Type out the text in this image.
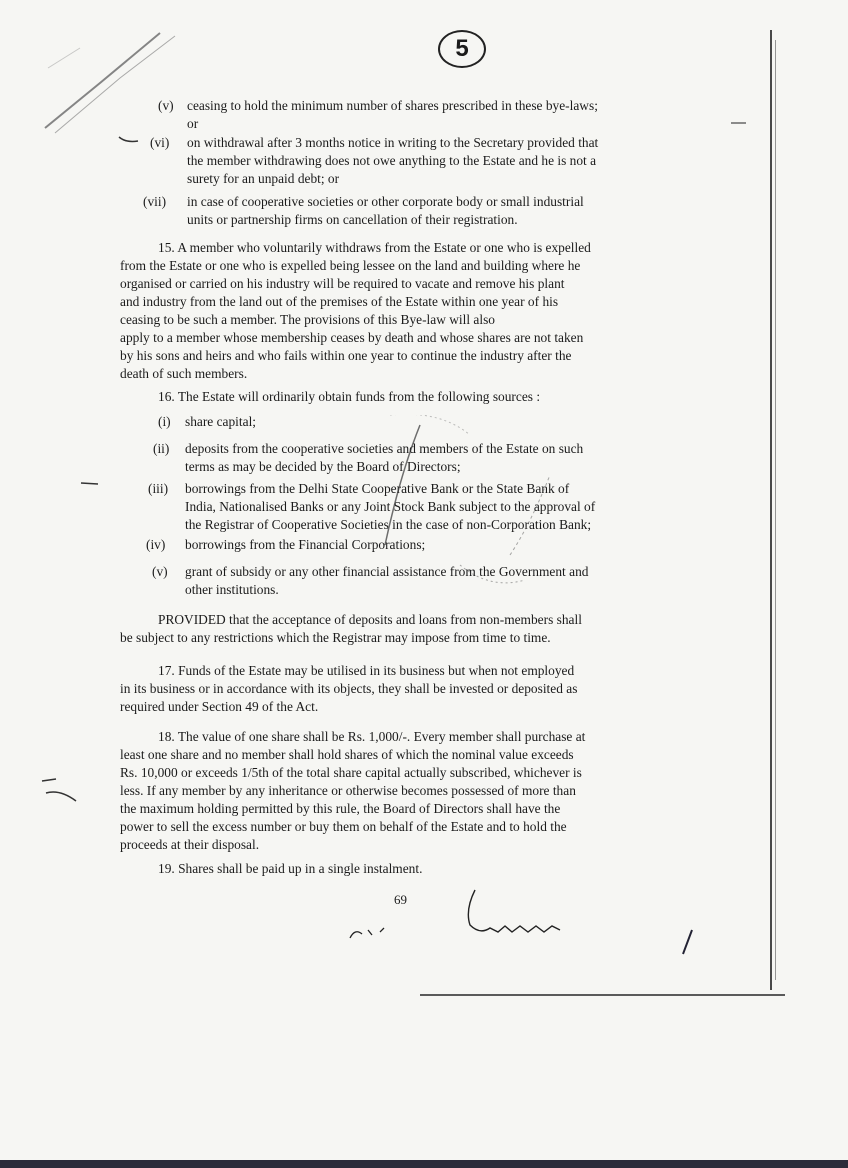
5
(v) ceasing to hold the minimum number of shares prescribed in these bye-laws;
or
(vi) on withdrawal after 3 months notice in writing to the Secretary provided that
the member withdrawing does not owe anything to the Estate and he is not a
surety for an unpaid debt; or
(vii) in case of cooperative societies or other corporate body or small industrial
units or partnership firms on cancellation of their registration.
15. A member who voluntarily withdraws from the Estate or one who is expelled
from the Estate or one who is expelled being lessee on the land and building where he
organised or carried on his industry will be required to vacate and remove his plant
and industry from the land out of the premises of the Estate within one year of his
ceasing to be such a member. The provisions of this Bye-law will also
apply to a member whose membership ceases by death and whose shares are not taken
by his sons and heirs and who fails within one year to continue the industry after the
death of such members.
16. The Estate will ordinarily obtain funds from the following sources :
(i) share capital;
(ii) deposits from the cooperative societies and members of the Estate on such
terms as may be decided by the Board of Directors;
(iii) borrowings from the Delhi State Cooperative Bank or the State Bank of
India, Nationalised Banks or any Joint Stock Bank subject to the approval of
the Registrar of Cooperative Societies in the case of non-Corporation Bank;
(iv) borrowings from the Financial Corporations;
(v) grant of subsidy or any other financial assistance from the Government and
other institutions.
PROVIDED that the acceptance of deposits and loans from non-members shall
be subject to any restrictions which the Registrar may impose from time to time.
17. Funds of the Estate may be utilised in its business but when not employed
in its business or in accordance with its objects, they shall be invested or deposited as
required under Section 49 of the Act.
18. The value of one share shall be Rs. 1,000/-. Every member shall purchase at
least one share and no member shall hold shares of which the nominal value exceeds
Rs. 10,000 or exceeds 1/5th of the total share capital actually subscribed, whichever is
less. If any member by any inheritance or otherwise becomes possessed of more than
the maximum holding permitted by this rule, the Board of Directors shall have the
power to sell the excess number or buy them on behalf of the Estate and to hold the
proceeds at their disposal.
19. Shares shall be paid up in a single instalment.
69
